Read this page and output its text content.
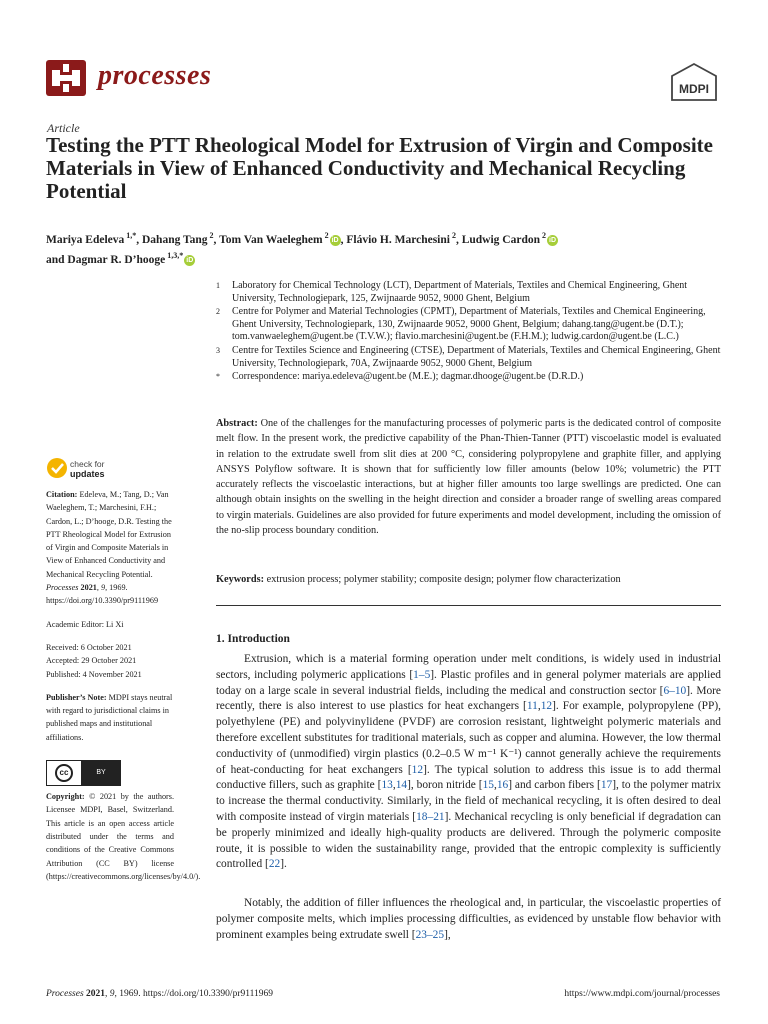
processes	MDPI
Article
Testing the PTT Rheological Model for Extrusion of Virgin and Composite Materials in View of Enhanced Conductivity and Mechanical Recycling Potential
Mariya Edeleva $^{1,*}$, Dahang Tang $^2$, Tom Van Waeleghem $^2$iD , Flávio H. Marchesini $^2$, Ludwig Cardon $^2$iD
and Dagmar R. D’hooge $^{1,3,*}$iD
1	Laboratory for Chemical Technology (LCT), Department of Materials, Textiles and Chemical Engineering, Ghent University, Technologiepark, 125, Zwijnaarde 9052, 9000 Ghent, Belgium
2	Centre for Polymer and Material Technologies (CPMT), Department of Materials, Textiles and Chemical Engineering, Ghent University, Technologiepark, 130, Zwijnaarde 9052, 9000 Ghent, Belgium; dahang.tang@ugent.be (D.T.); tom.vanwaeleghem@ugent.be (T.V.W.); flavio.marchesini@ugent.be (F.H.M.); ludwig.cardon@ugent.be (L.C.)
3	Centre for Textiles Science and Engineering (CTSE), Department of Materials, Textiles and Chemical Engineering, Ghent University, Technologiepark, 70A, Zwijnaarde 9052, 9000 Ghent, Belgium
*	Correspondence: mariya.edeleva@ugent.be (M.E.); dagmar.dhooge@ugent.be (D.R.D.)
Abstract: One of the challenges for the manufacturing processes of polymeric parts is the dedicated control of composite melt flow. In the present work, the predictive capability of the Phan-Thien-Tanner (PTT) viscoelastic model is evaluated in relation to the extrudate swell from slit dies at 200 °C, considering polypropylene and graphite filler, and applying ANSYS Polyflow software. It is shown that for sufficiently low filler amounts (below 10%; volumetric) the PTT accurately reflects the viscoelastic interactions, but at higher filler amounts too large swellings are predicted. One can although obtain insights on the swelling in the height direction and consider a broader range of swelling areas compared to virgin materials. Guidelines are also provided for future experiments and model development, including the omission of the no-slip process boundary condition.
Keywords: extrusion process; polymer stability; composite design; polymer flow characterization
check for
updates

Citation: Edeleva, M.; Tang, D.; Van Waeleghem, T.; Marchesini, F.H.; Cardon, L.; D’hooge, D.R. Testing the PTT Rheological Model for Extrusion of Virgin and Composite Materials in View of Enhanced Conductivity and Mechanical Recycling Potential. Processes 2021, 9, 1969. https://doi.org/10.3390/pr9111969

Academic Editor: Li Xi

Received: 6 October 2021

Accepted: 29 October 2021

Published: 4 November 2021

Publisher’s Note: MDPI stays neutral with regard to jurisdictional claims in published maps and institutional affiliations.

cc	BY

Copyright: © 2021 by the authors. Licensee MDPI, Basel, Switzerland. This article is an open access article distributed under the terms and conditions of the Creative Commons Attribution (CC BY) license (https://creativecommons.org/licenses/by/4.0/).

1. Introduction
Extrusion, which is a material forming operation under melt conditions, is widely used in industrial sectors, including polymeric applications [1–5]. Plastic profiles and in general polymer materials are applied today on a large scale in several industrial fields, including the medical and construction sector [6–10]. More recently, there is also interest to use plastics for heat exchangers [11,12]. For example, polypropylene (PP), polyethylene (PE) and polyvinylidene (PVDF) are corrosion resistant, lightweight polymeric materials and therefore excellent substitutes for traditional materials, such as copper and alumina. However, the low thermal conductivity of (unmodified) virgin plastics (0.2–0.5 W m⁻¹ K⁻¹) cannot generally achieve the requirements of heat-conducting for heat exchangers [12]. The typical solution to address this issue is to add thermal conductive fillers, such as graphite [13,14], boron nitride [15,16] and carbon fibers [17], to the polymer matrix to increase the thermal conductivity. Similarly, in the field of mechanical recycling, it is often desired to deal with composite instead of virgin materials [18–21]. Mechanical recycling is only beneficial if degradation can be properly minimized and ideally high-quality products are delivered. Through the polymeric composite route, it is possible to widen the sustainability range, provided that the entropic complexity is sufficiently controlled [22].
Notably, the addition of filler influences the rheological and, in particular, the viscoelastic properties of polymer composite melts, which implies processing difficulties, as evidenced by unstable flow behavior with prominent examples being extrudate swell [23–25],
Processes 2021, 9, 1969. https://doi.org/10.3390/pr9111969	https://www.mdpi.com/journal/processes
